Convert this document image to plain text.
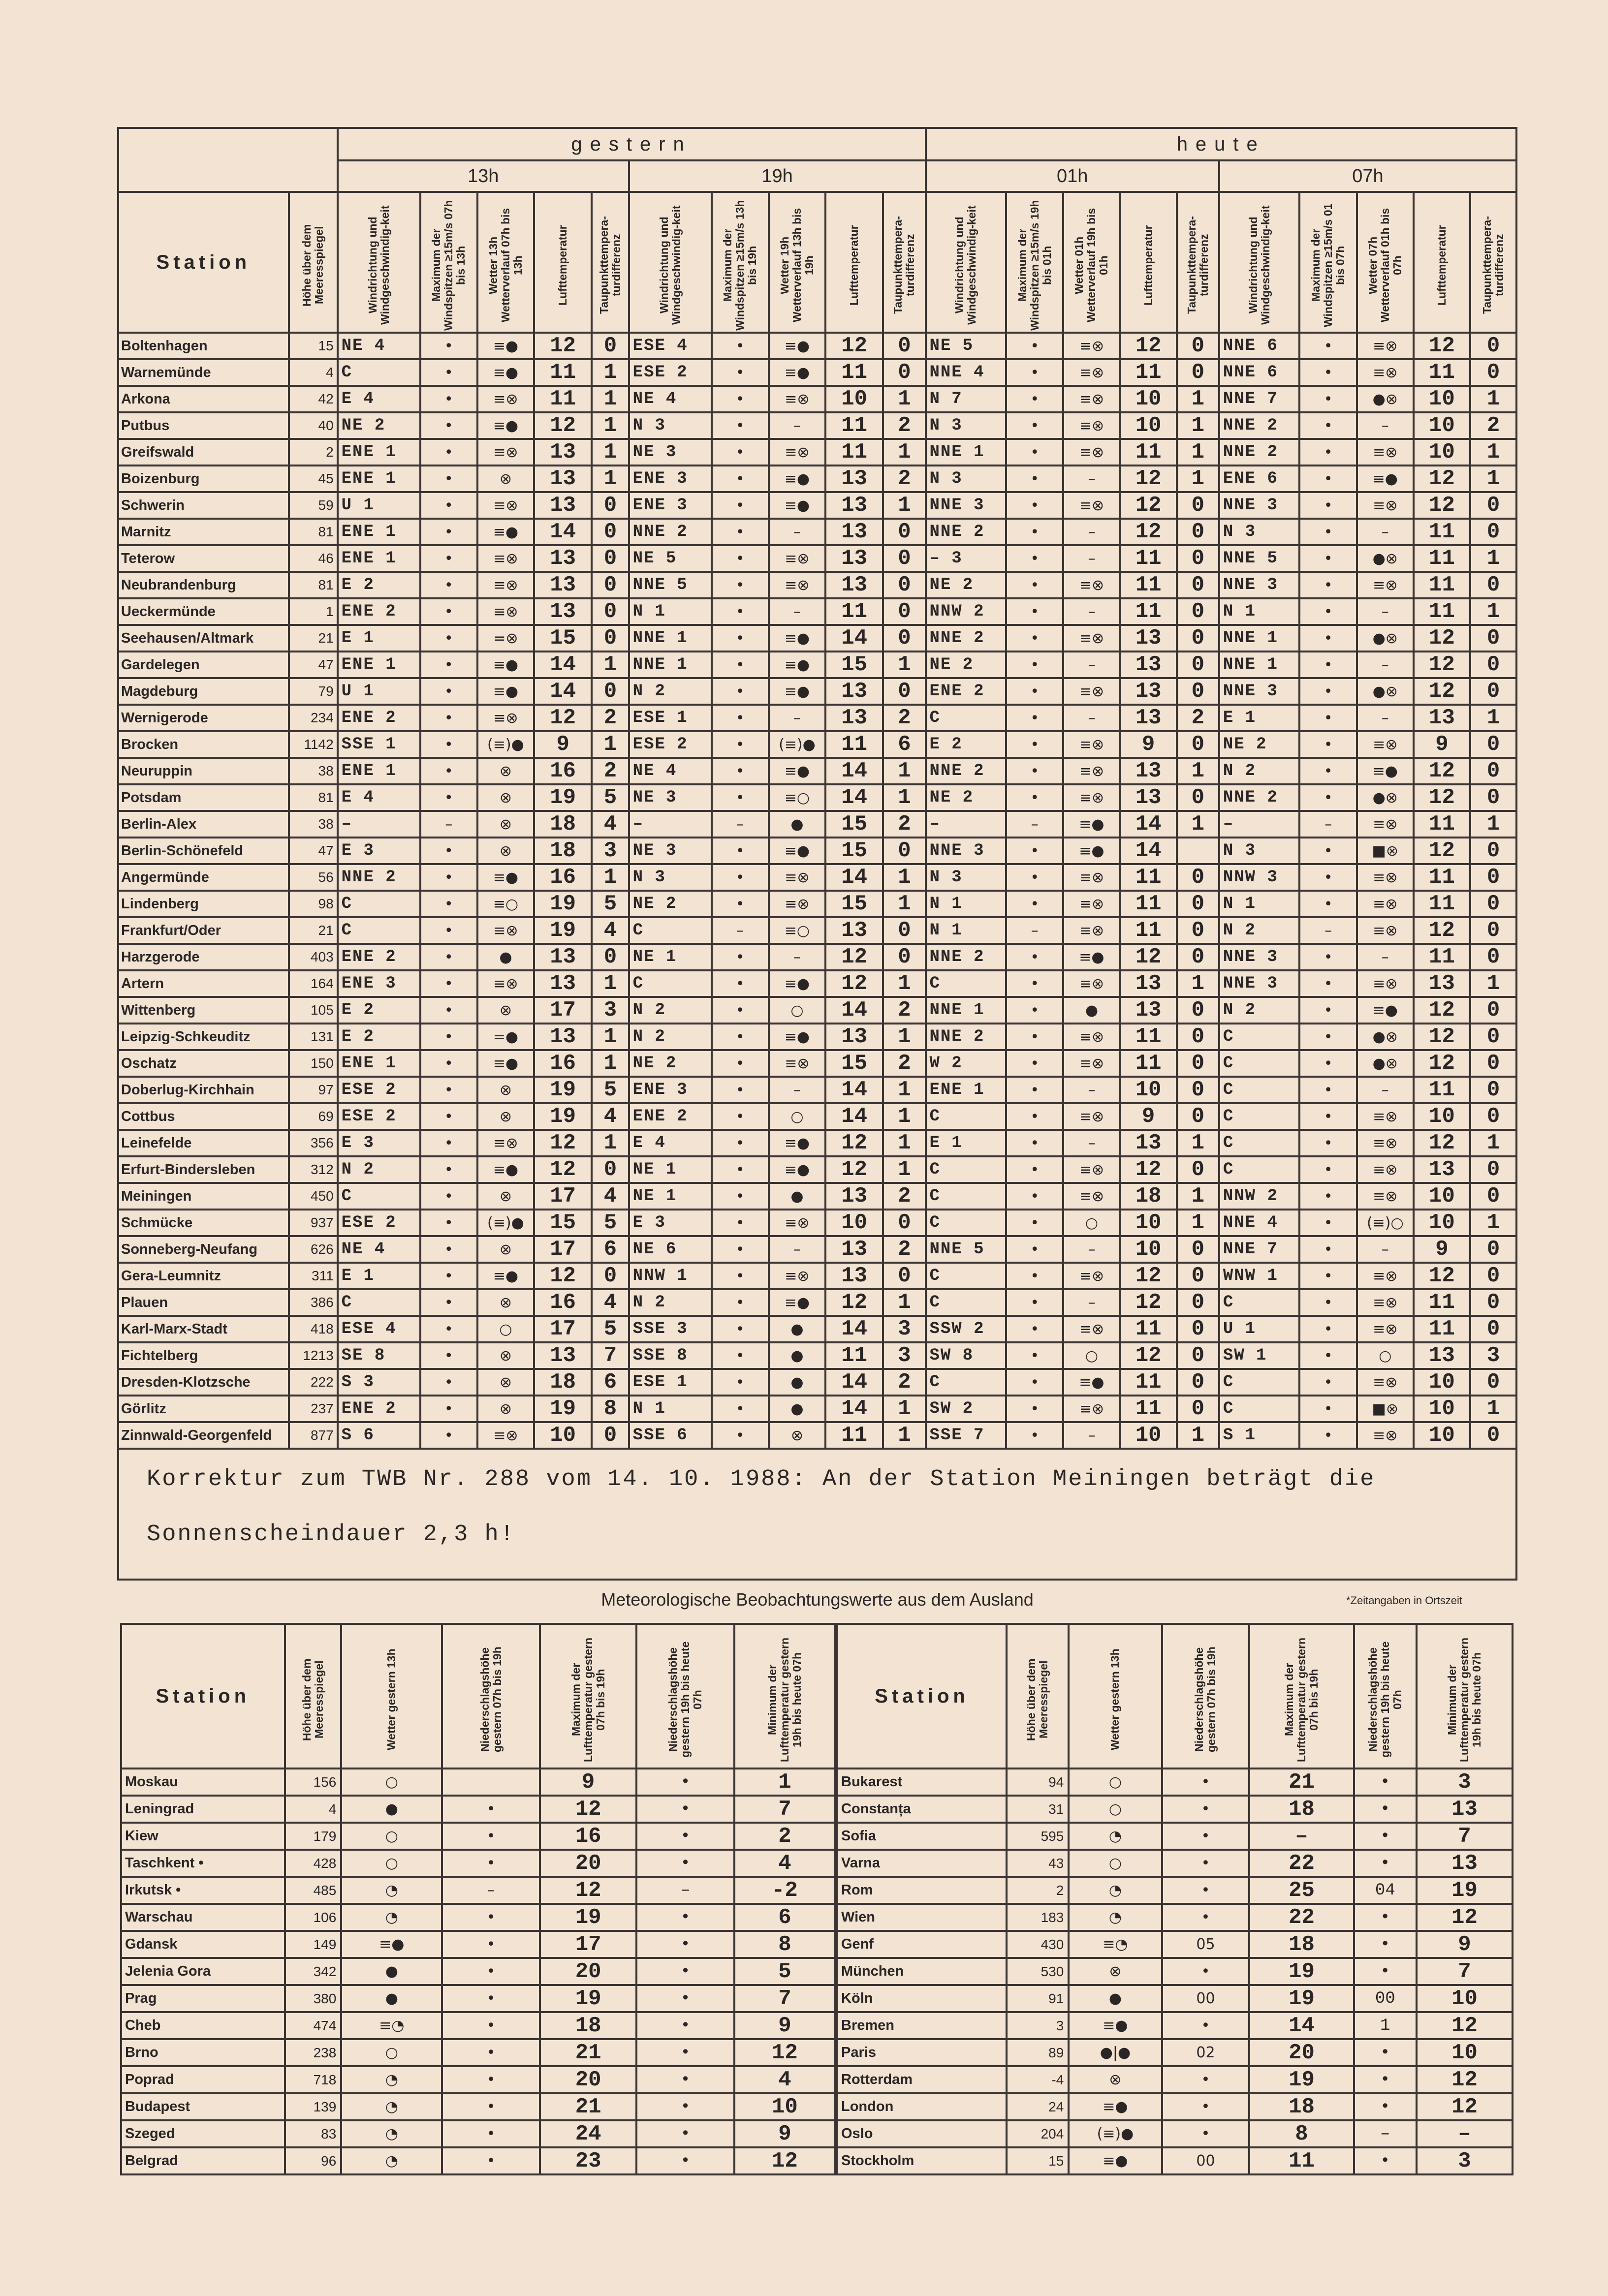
		gestern										heute									
		13h					19h					01h					07h				
Station	Höhe über dem Meeresspiegel	Windrichtung und Windgeschwindig-keit	Maximum der Windspitzen ≥15m/s 07h bis 13h	Wetter 13h Wetterverlauf 07h bis 13h	Lufttemperatur	Taupunkttempera-turdifferenz	Windrichtung und Windgeschwindig-keit	Maximum der Windspitzen ≥15m/s 13h bis 19h	Wetter 19h Wetterverlauf 13h bis 19h	Lufttemperatur	Taupunkttempera-turdifferenz	Windrichtung und Windgeschwindig-keit	Maximum der Windspitzen ≥15m/s 19h bis 01h	Wetter 01h Wetterverlauf 19h bis 01h	Lufttemperatur	Taupunkttempera-turdifferenz	Windrichtung und Windgeschwindig-keit	Maximum der Windspitzen ≥15m/s 01 bis 07h	Wetter 07h Wetterverlauf 01h bis 07h	Lufttemperatur	Taupunkttempera-turdifferenz

Boltenhagen	15	NE 4	•	≡●	12	0	ESE 4	•	≡●	12	0	NE 5	•	≡⊗	12	0	NNE 6	•	≡⊗	12	0
Warnemünde	4	C	•	≡●	11	1	ESE 2	•	≡●	11	0	NNE 4	•	≡⊗	11	0	NNE 6	•	≡⊗	11	0
Arkona	42	E 4	•	≡⊗	11	1	NE 4	•	≡⊗	10	1	N 7	•	≡⊗	10	1	NNE 7	•	●⊗	10	1
Putbus	40	NE 2	•	≡●	12	1	N 3	•	–	11	2	N 3	•	≡⊗	10	1	NNE 2	•	–	10	2
Greifswald	2	ENE 1	•	≡⊗	13	1	NE 3	•	≡⊗	11	1	NNE 1	•	≡⊗	11	1	NNE 2	•	≡⊗	10	1
Boizenburg	45	ENE 1	•	⊗	13	1	ENE 3	•	≡●	13	2	N 3	•	–	12	1	ENE 6	•	≡●	12	1
Schwerin	59	U 1	•	≡⊗	13	0	ENE 3	•	≡●	13	1	NNE 3	•	≡⊗	12	0	NNE 3	•	≡⊗	12	0
Marnitz	81	ENE 1	•	≡●	14	0	NNE 2	•	–	13	0	NNE 2	•	–	12	0	N 3	•	–	11	0
Teterow	46	ENE 1	•	≡⊗	13	0	NE 5	•	≡⊗	13	0	– 3	•	–	11	0	NNE 5	•	●⊗	11	1
Neubrandenburg	81	E 2	•	≡⊗	13	0	NNE 5	•	≡⊗	13	0	NE 2	•	≡⊗	11	0	NNE 3	•	≡⊗	11	0
Ueckermünde	1	ENE 2	•	≡⊗	13	0	N 1	•	–	11	0	NNW 2	•	–	11	0	N 1	•	–	11	1
Seehausen/Altmark	21	E 1	•	=⊗	15	0	NNE 1	•	≡●	14	0	NNE 2	•	≡⊗	13	0	NNE 1	•	●⊗	12	0
Gardelegen	47	ENE 1	•	≡●	14	1	NNE 1	•	≡●	15	1	NE 2	•	–	13	0	NNE 1	•	–	12	0
Magdeburg	79	U 1	•	≡●	14	0	N 2	•	≡●	13	0	ENE 2	•	≡⊗	13	0	NNE 3	•	●⊗	12	0
Wernigerode	234	ENE 2	•	≡⊗	12	2	ESE 1	•	–	13	2	C	•	–	13	2	E 1	•	–	13	1
Brocken	1142	SSE 1	•	(≡)●	9	1	ESE 2	•	(≡)●	11	6	E 2	•	≡⊗	9	0	NE 2	•	≡⊗	9	0
Neuruppin	38	ENE 1	•	⊗	16	2	NE 4	•	≡●	14	1	NNE 2	•	≡⊗	13	1	N 2	•	≡●	12	0
Potsdam	81	E 4	•	⊗	19	5	NE 3	•	≡○	14	1	NE 2	•	≡⊗	13	0	NNE 2	•	●⊗	12	0
Berlin-Alex	38	–	–	⊗	18	4	–	–	●	15	2	–	–	≡●	14	1	–	–	≡⊗	11	1
Berlin-Schönefeld	47	E 3	•	⊗	18	3	NE 3	•	≡●	15	0	NNE 3	•	≡●	14		N 3	•	■⊗	12	0
Angermünde	56	NNE 2	•	≡●	16	1	N 3	•	≡⊗	14	1	N 3	•	≡⊗	11	0	NNW 3	•	≡⊗	11	0
Lindenberg	98	C	•	≡○	19	5	NE 2	•	≡⊗	15	1	N 1	•	≡⊗	11	0	N 1	•	≡⊗	11	0
Frankfurt/Oder	21	C	•	≡⊗	19	4	C	–	≡○	13	0	N 1	–	≡⊗	11	0	N 2	–	≡⊗	12	0
Harzgerode	403	ENE 2	•	●	13	0	NE 1	•	–	12	0	NNE 2	•	≡●	12	0	NNE 3	•	–	11	0
Artern	164	ENE 3	•	≡⊗	13	1	C	•	≡●	12	1	C	•	≡⊗	13	1	NNE 3	•	≡⊗	13	1
Wittenberg	105	E 2	•	⊗	17	3	N 2	•	○	14	2	NNE 1	•	●	13	0	N 2	•	≡●	12	0
Leipzig-Schkeuditz	131	E 2	•	=●	13	1	N 2	•	≡●	13	1	NNE 2	•	≡⊗	11	0	C	•	●⊗	12	0
Oschatz	150	ENE 1	•	≡●	16	1	NE 2	•	≡⊗	15	2	W 2	•	≡⊗	11	0	C	•	●⊗	12	0
Doberlug-Kirchhain	97	ESE 2	•	⊗	19	5	ENE 3	•	–	14	1	ENE 1	•	–	10	0	C	•	–	11	0
Cottbus	69	ESE 2	•	⊗	19	4	ENE 2	•	○	14	1	C	•	≡⊗	9	0	C	•	≡⊗	10	0
Leinefelde	356	E 3	•	≡⊗	12	1	E 4	•	≡●	12	1	E 1	•	–	13	1	C	•	≡⊗	12	1
Erfurt-Bindersleben	312	N 2	•	≡●	12	0	NE 1	•	≡●	12	1	C	•	≡⊗	12	0	C	•	≡⊗	13	0
Meiningen	450	C	•	⊗	17	4	NE 1	•	●	13	2	C	•	≡⊗	18	1	NNW 2	•	≡⊗	10	0
Schmücke	937	ESE 2	•	(≡)●	15	5	E 3	•	≡⊗	10	0	C	•	○	10	1	NNE 4	•	(≡)○	10	1
Sonneberg-Neufang	626	NE 4	•	⊗	17	6	NE 6	•	–	13	2	NNE 5	•	–	10	0	NNE 7	•	–	9	0
Gera-Leumnitz	311	E 1	•	≡●	12	0	NNW 1	•	≡⊗	13	0	C	•	≡⊗	12	0	WNW 1	•	≡⊗	12	0
Plauen	386	C	•	⊗	16	4	N 2	•	≡●	12	1	C	•	–	12	0	C	•	≡⊗	11	0
Karl-Marx-Stadt	418	ESE 4	•	○	17	5	SSE 3	•	●	14	3	SSW 2	•	≡⊗	11	0	U 1	•	≡⊗	11	0
Fichtelberg	1213	SE 8	•	⊗	13	7	SSE 8	•	●	11	3	SW 8	•	○	12	0	SW 1	•	○	13	3
Dresden-Klotzsche	222	S 3	•	⊗	18	6	ESE 1	•	●	14	2	C	•	≡●	11	0	C	•	≡⊗	10	0
Görlitz	237	ENE 2	•	⊗	19	8	N 1	•	●	14	1	SW 2	•	≡⊗	11	0	C	•	■⊗	10	1
Zinnwald-Georgenfeld	877	S 6	•	≡⊗	10	0	SSE 6	•	⊗	11	1	SSE 7	•	–	10	1	S 1	•	≡⊗	10	0

Korrektur zum TWB Nr. 288 vom 14. 10. 1988: An der Station Meiningen beträgt die

Sonnenscheindauer 2,3 h!

Meteorologische Beobachtungswerte aus dem Ausland	*Zeitangaben in Ortszeit
Station	Höhe über dem Meeresspiegel	Wetter gestern 13h	Niederschlagshöhe gestern 07h bis 19h	Maximum der Lufttemperatur gestern 07h bis 19h	Niederschlagshöhe gestern 19h bis heute 07h	Minimum der Lufttemperatur gestern 19h bis heute 07h

Moskau	156	○		9	•	1
Leningrad	4	●	•	12	•	7
Kiew	179	○	•	16	•	2
Taschkent •	428	○	•	20	•	4
Irkutsk •	485	◔	–	12	–	-2
Warschau	106	◔	•	19	•	6
Gdansk	149	≡●	•	17	•	8
Jelenia Gora	342	●	•	20	•	5
Prag	380	●	•	19	•	7
Cheb	474	≡◔	•	18	•	9
Brno	238	○	•	21	•	12
Poprad	718	◔	•	20	•	4
Budapest	139	◔	•	21	•	10
Szeged	83	◔	•	24	•	9
Belgrad	96	◔	•	23	•	12
Station	Höhe über dem Meeresspiegel	Wetter gestern 13h	Niederschlagshöhe gestern 07h bis 19h	Maximum der Lufttemperatur gestern 07h bis 19h	Niederschlagshöhe gestern 19h bis heute 07h	Minimum der Lufttemperatur gestern 19h bis heute 07h

Bukarest	94	○	•	21	•	3
Constanța	31	○	•	18	•	13
Sofia	595	◔	•	–	•	7
Varna	43	○	•	22	•	13
Rom	2	◔	•	25	04	19
Wien	183	◔	•	22	•	12
Genf	430	≡◔	05	18	•	9
München	530	⊗	•	19	•	7
Köln	91	●	00	19	00	10
Bremen	3	≡●	•	14	1	12
Paris	89	●|●	02	20	•	10
Rotterdam	-4	⊗	•	19	•	12
London	24	≡●	•	18	•	12
Oslo	204	(≡)●	•	8	–	–
Stockholm	15	≡●	00	11	•	3
